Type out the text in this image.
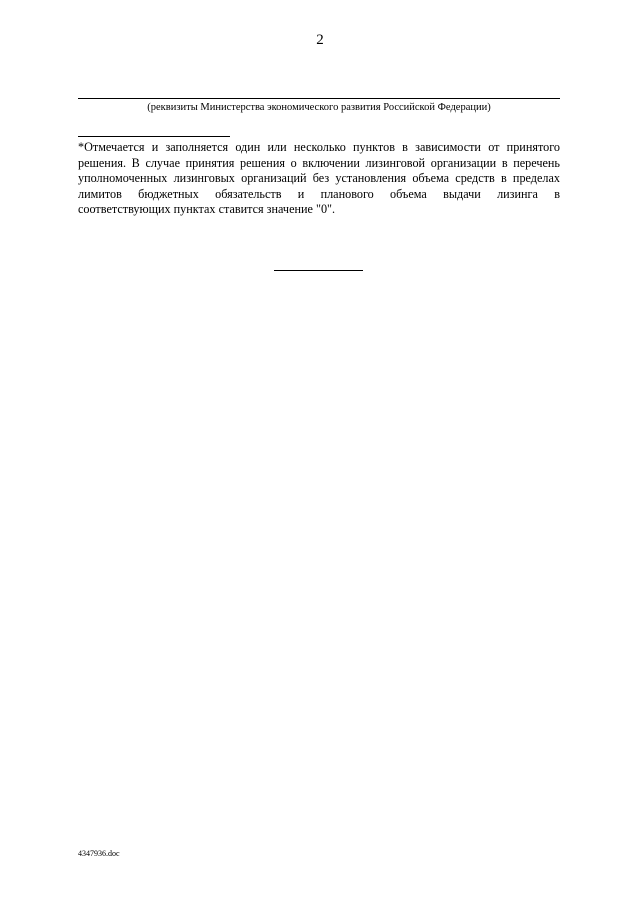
2
(реквизиты Министерства экономического развития Российской Федерации)
*Отмечается и заполняется один или несколько пунктов в зависимости от принятого
решения. В случае принятия решения о включении лизинговой организации в перечень
уполномоченных лизинговых организаций без установления объема средств в пределах
лимитов бюджетных обязательств и планового объема выдачи лизинга в
соответствующих пунктах ставится значение "0".
4347936.doc
